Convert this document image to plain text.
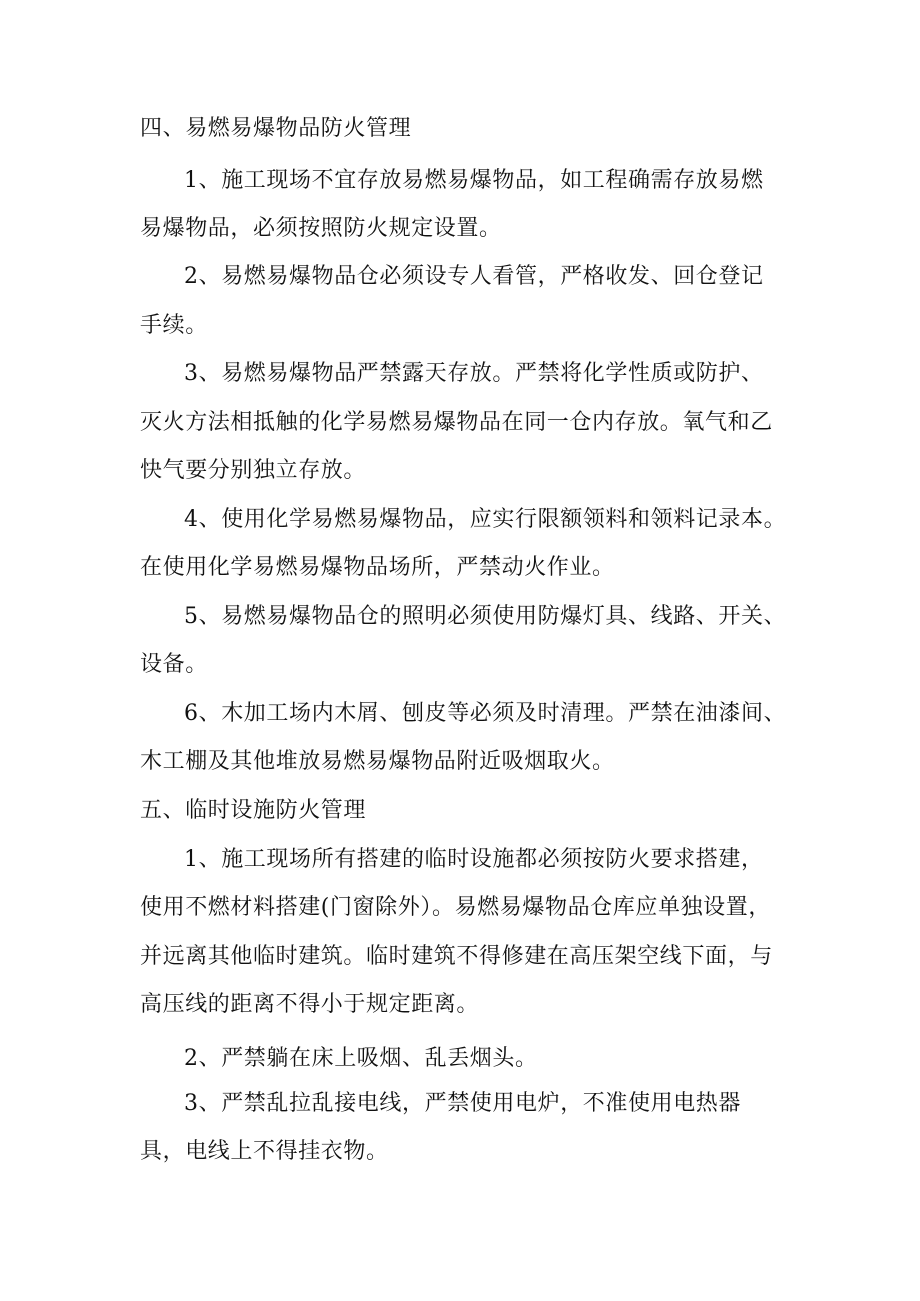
四、易燃易爆物品防火管理
1、施工现场不宜存放易燃易爆物品，如工程确需存放易燃
易爆物品，必须按照防火规定设置。
2、易燃易爆物品仓必须设专人看管，严格收发、回仓登记
手续。
3、易燃易爆物品严禁露天存放。严禁将化学性质或防护、
灭火方法相抵触的化学易燃易爆物品在同一仓内存放。氧气和乙
快气要分别独立存放。
4、使用化学易燃易爆物品，应实行限额领料和领料记录本。
在使用化学易燃易爆物品场所，严禁动火作业。
5、易燃易爆物品仓的照明必须使用防爆灯具、线路、开关、
设备。
6、木加工场内木屑、刨皮等必须及时清理。严禁在油漆间、
木工棚及其他堆放易燃易爆物品附近吸烟取火。
五、临时设施防火管理
1、施工现场所有搭建的临时设施都必须按防火要求搭建，
使用不燃材料搭建(门窗除外）。易燃易爆物品仓库应单独设置，
并远离其他临时建筑。临时建筑不得修建在高压架空线下面，与
高压线的距离不得小于规定距离。
2、严禁躺在床上吸烟、乱丢烟头。
3、严禁乱拉乱接电线，严禁使用电炉，不准使用电热器
具，电线上不得挂衣物。
